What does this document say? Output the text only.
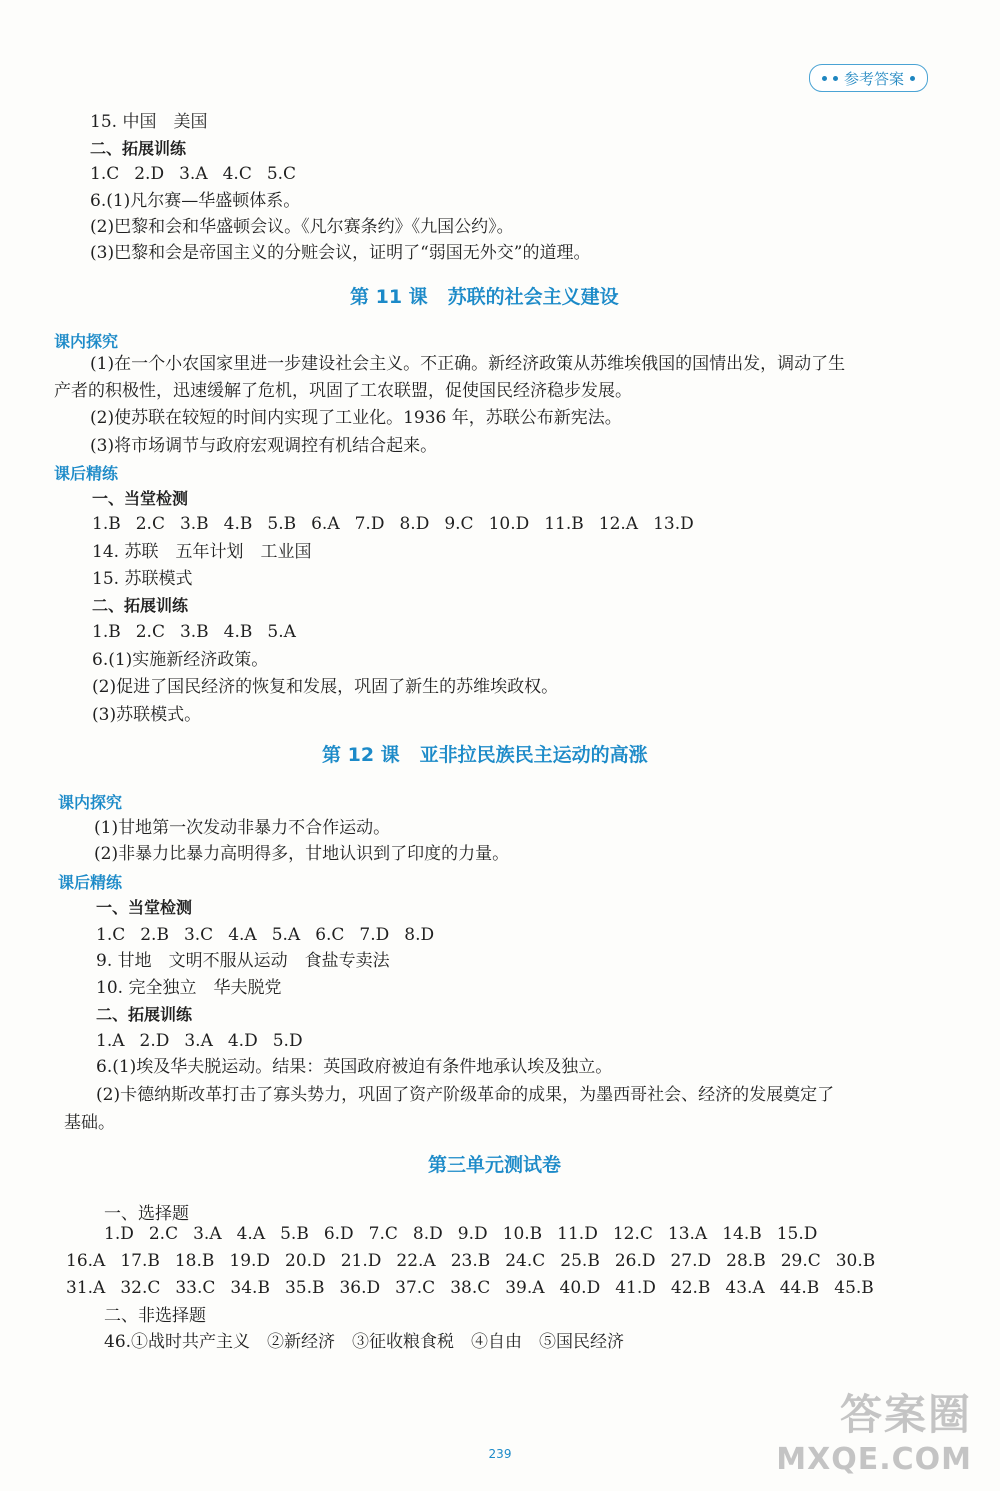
参考答案
15. 中国　美国
二、拓展训练
1.C 2.D 3.A 4.C 5.C
6.(1)凡尔赛—华盛顿体系。
(2)巴黎和会和华盛顿会议。《凡尔赛条约》《九国公约》。
(3)巴黎和会是帝国主义的分赃会议，证明了“弱国无外交”的道理。
第 11 课 苏联的社会主义建设
课内探究
(1)在一个小农国家里进一步建设社会主义。不正确。新经济政策从苏维埃俄国的国情出发，调动了生
产者的积极性，迅速缓解了危机，巩固了工农联盟，促使国民经济稳步发展。
(2)使苏联在较短的时间内实现了工业化。1936 年，苏联公布新宪法。
(3)将市场调节与政府宏观调控有机结合起来。
课后精练
一、当堂检测
1.B 2.C 3.B 4.B 5.B 6.A 7.D 8.D 9.C 10.D 11.B 12.A 13.D
14. 苏联　五年计划　工业国
15. 苏联模式
二、拓展训练
1.B 2.C 3.B 4.B 5.A
6.(1)实施新经济政策。
(2)促进了国民经济的恢复和发展，巩固了新生的苏维埃政权。
(3)苏联模式。
第 12 课 亚非拉民族民主运动的高涨
课内探究
(1)甘地第一次发动非暴力不合作运动。
(2)非暴力比暴力高明得多，甘地认识到了印度的力量。
课后精练
一、当堂检测
1.C 2.B 3.C 4.A 5.A 6.C 7.D 8.D
9. 甘地　文明不服从运动　食盐专卖法
10. 完全独立　华夫脱党
二、拓展训练
1.A 2.D 3.A 4.D 5.D
6.(1)埃及华夫脱运动。结果：英国政府被迫有条件地承认埃及独立。
(2)卡德纳斯改革打击了寡头势力，巩固了资产阶级革命的成果，为墨西哥社会、经济的发展奠定了
基础。
第三单元测试卷
一、选择题
1.D 2.C 3.A 4.A 5.B 6.D 7.C 8.D 9.D 10.B 11.D 12.C 13.A 14.B 15.D
16.A 17.B 18.B 19.D 20.D 21.D 22.A 23.B 24.C 25.B 26.D 27.D 28.B 29.C 30.B
31.A 32.C 33.C 34.B 35.B 36.D 37.C 38.C 39.A 40.D 41.D 42.B 43.A 44.B 45.B
二、非选择题
46.①战时共产主义　②新经济　③征收粮食税　④自由　⑤国民经济
239
答案圈
MXQE.COM
